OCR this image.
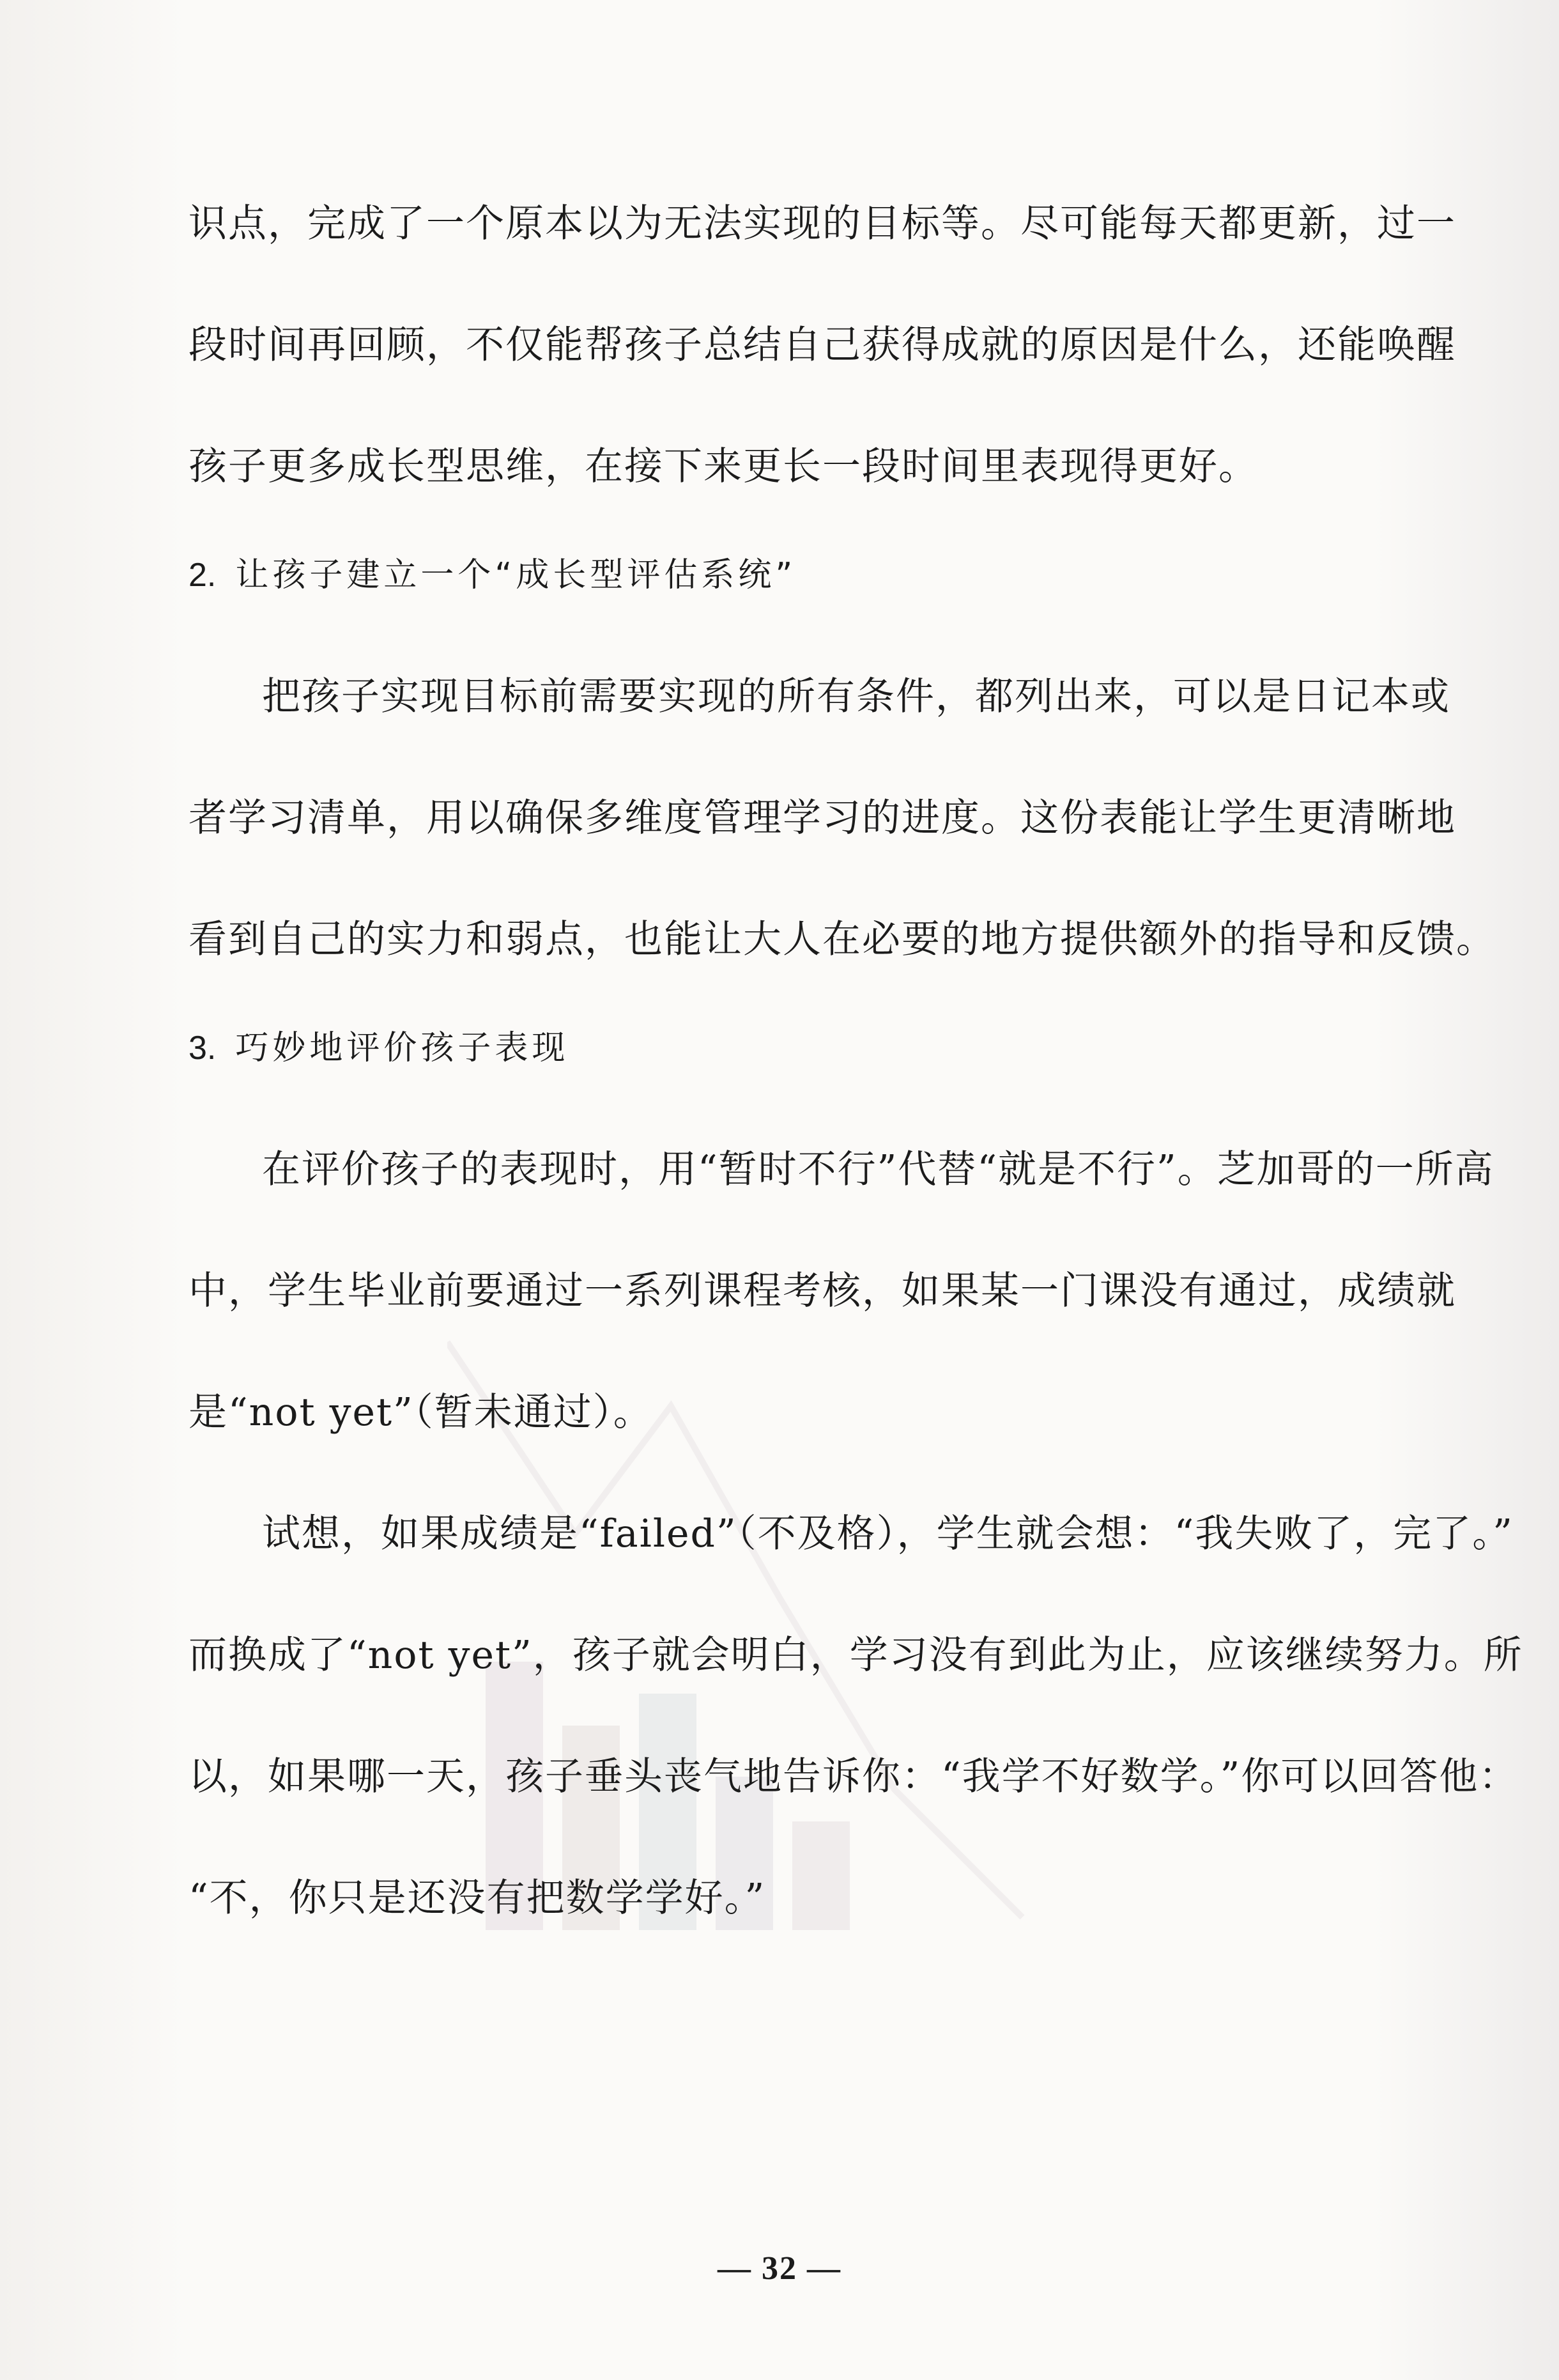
识点，完成了一个原本以为无法实现的目标等。尽可能每天都更新，过一
段时间再回顾，不仅能帮孩子总结自己获得成就的原因是什么，还能唤醒
孩子更多成长型思维，在接下来更长一段时间里表现得更好。
2. 让孩子建立一个“成长型评估系统”
把孩子实现目标前需要实现的所有条件，都列出来，可以是日记本或
者学习清单，用以确保多维度管理学习的进度。这份表能让学生更清晰地
看到自己的实力和弱点，也能让大人在必要的地方提供额外的指导和反馈。
3. 巧妙地评价孩子表现
在评价孩子的表现时，用“暂时不行”代替“就是不行”。芝加哥的一所高
中，学生毕业前要通过一系列课程考核，如果某一门课没有通过，成绩就
是“not yet”（暂未通过）。
试想，如果成绩是“failed”（不及格），学生就会想：“我失败了，完了。”
而换成了“not yet”，孩子就会明白，学习没有到此为止，应该继续努力。所
以，如果哪一天，孩子垂头丧气地告诉你：“我学不好数学。”你可以回答他：
“不，你只是还没有把数学学好。”
— 32 —
